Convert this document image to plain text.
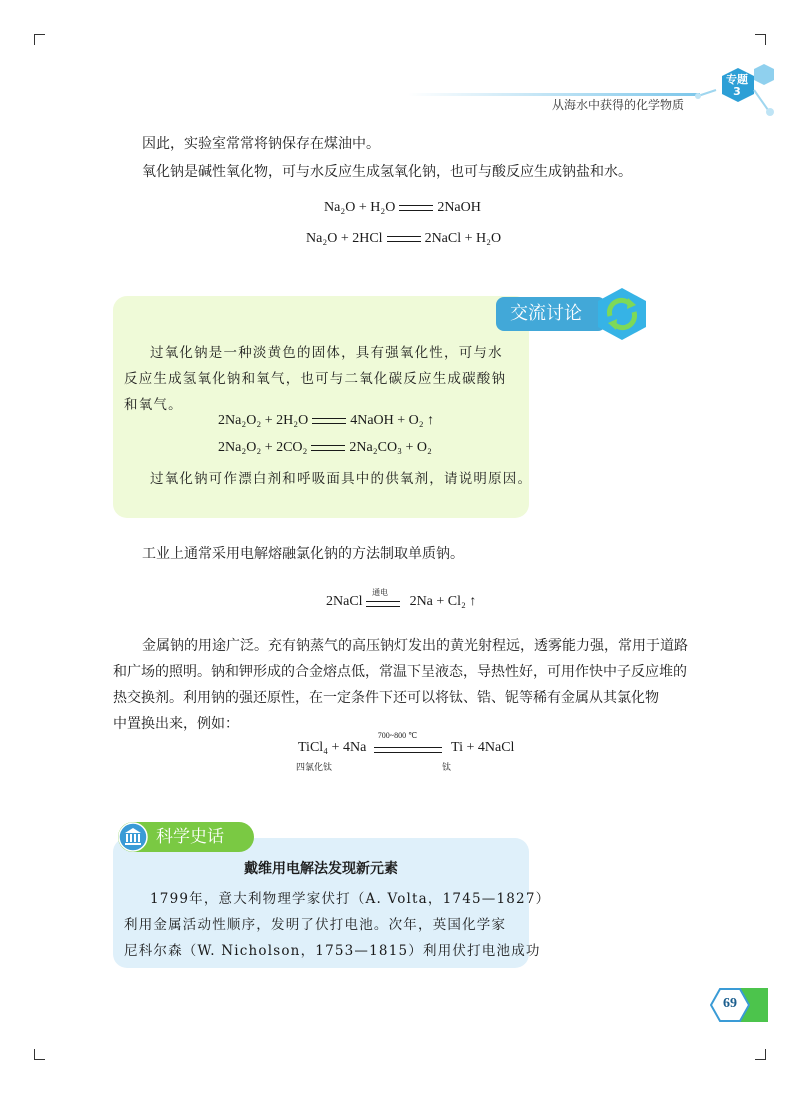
从海水中获得的化学物质
专题
3
因此，实验室常常将钠保存在煤油中。
氧化钠是碱性氧化物，可与水反应生成氢氧化钠，也可与酸反应生成钠盐和水。
Na₂O + H₂O	2NaOH
Na₂O + 2HCl	2NaCl + H₂O
交流讨论
过氧化钠是一种淡黄色的固体，具有强氧化性，可与水
反应生成氢氧化钠和氧气，也可与二氧化碳反应生成碳酸钠
和氧气。
2Na₂O₂ + 2H₂O	4NaOH + O₂ ↑
2Na₂O₂ + 2CO₂	2Na₂CO₃ + O₂
过氧化钠可作漂白剂和呼吸面具中的供氧剂，请说明原因。
工业上通常采用电解熔融氯化钠的方法制取单质钠。
2NaCl
通电
2Na + Cl₂ ↑
金属钠的用途广泛。充有钠蒸气的高压钠灯发出的黄光射程远，透雾能力强，常用于道路
和广场的照明。钠和钾形成的合金熔点低，常温下呈液态，导热性好，可用作快中子反应堆的
热交换剂。利用钠的强还原性，在一定条件下还可以将钛、锆、铌等稀有金属从其氯化物
中置换出来，例如：
TiCl₄ + 4Na
700~800 ℃
Ti + 4NaCl
四氯化钛	钛
科学史话
戴维用电解法发现新元素
1799年，意大利物理学家伏打（A. Volta，1745—1827）
利用金属活动性顺序，发明了伏打电池。次年，英国化学家
尼科尔森（W. Nicholson，1753—1815）利用伏打电池成功
69
